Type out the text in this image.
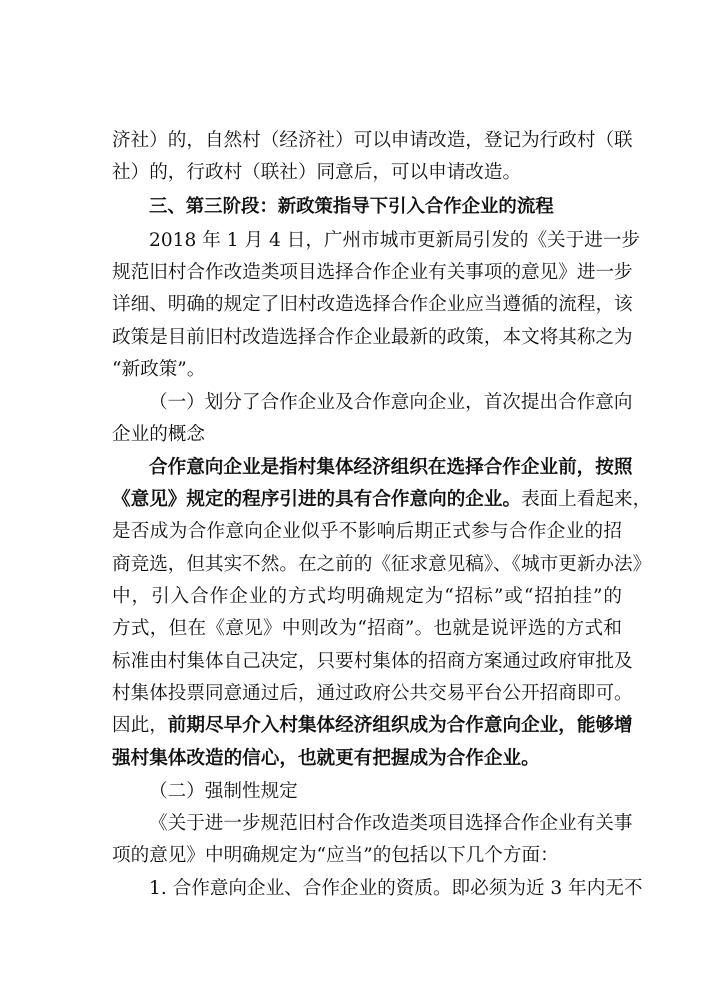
济社）的，自然村（经济社）可以申请改造，登记为行政村（联
社）的，行政村（联社）同意后，可以申请改造。
三、第三阶段：新政策指导下引入合作企业的流程
2018 年 1 月 4 日，广州市城市更新局引发的《关于进一步
规范旧村合作改造类项目选择合作企业有关事项的意见》进一步
详细、明确的规定了旧村改造选择合作企业应当遵循的流程，该
政策是目前旧村改造选择合作企业最新的政策，本文将其称之为
“新政策”。
（一）划分了合作企业及合作意向企业，首次提出合作意向
企业的概念
合作意向企业是指村集体经济组织在选择合作企业前，按照
《意见》规定的程序引进的具有合作意向的企业。表面上看起来，
是否成为合作意向企业似乎不影响后期正式参与合作企业的招
商竞选，但其实不然。在之前的《征求意见稿》、《城市更新办法》
中，引入合作企业的方式均明确规定为“招标”或“招拍挂”的
方式，但在《意见》中则改为“招商”。也就是说评选的方式和
标准由村集体自己决定，只要村集体的招商方案通过政府审批及
村集体投票同意通过后，通过政府公共交易平台公开招商即可。
因此，前期尽早介入村集体经济组织成为合作意向企业，能够增
强村集体改造的信心，也就更有把握成为合作企业。
（二）强制性规定
《关于进一步规范旧村合作改造类项目选择合作企业有关事
项的意见》中明确规定为“应当”的包括以下几个方面：
1. 合作意向企业、合作企业的资质。即必须为近 3 年内无不
